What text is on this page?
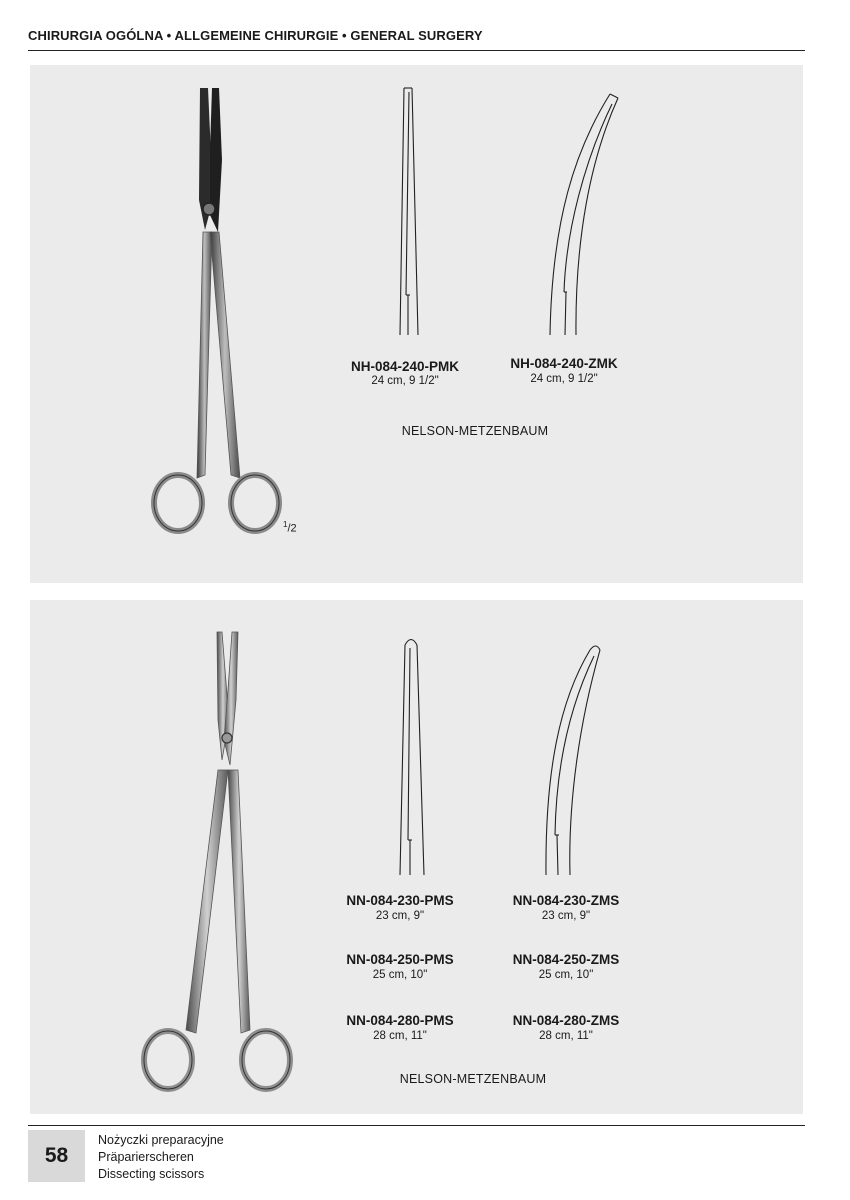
CHIRURGIA OGÓLNA • ALLGEMEINE CHIRURGIE • GENERAL SURGERY
$^1$/2
NH-084-240-PMK
24 cm, 9 1/2"
NH-084-240-ZMK
24 cm, 9 1/2"
NELSON-METZENBAUM
NN-084-230-PMS
23 cm, 9"
NN-084-230-ZMS
23 cm, 9"
NN-084-250-PMS
25 cm, 10"
NN-084-250-ZMS
25 cm, 10"
NN-084-280-PMS
28 cm, 11"
NN-084-280-ZMS
28 cm, 11"
NELSON-METZENBAUM
58
Nożyczki preparacyjne
Präparierscheren
Dissecting scissors
